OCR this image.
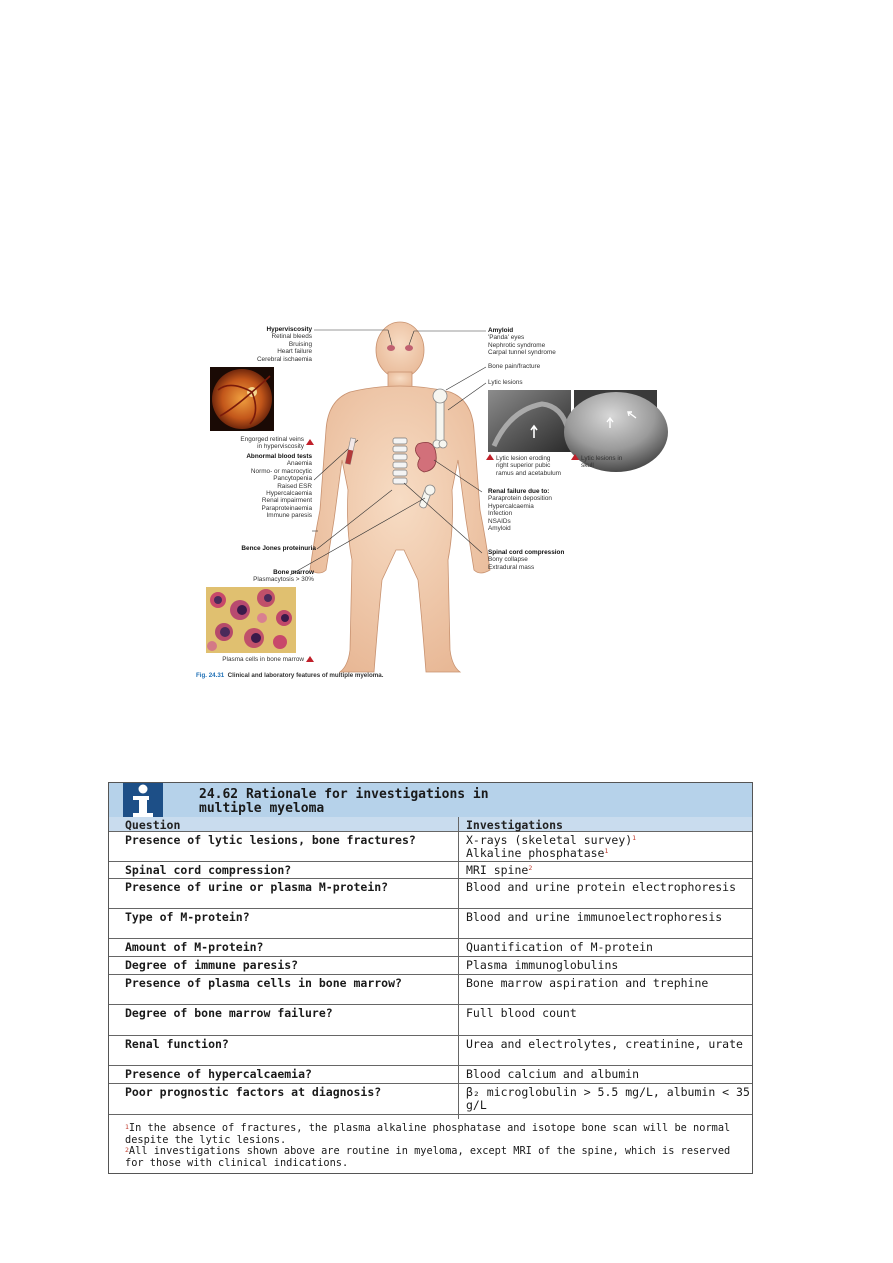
Hyperviscosity
Retinal bleeds
Bruising
Heart failure
Cerebral ischaemia
Engorged retinal veins
in hyperviscosity
Abnormal blood tests
Anaemia
Normo- or macrocytic
Pancytopenia
Raised ESR
Hypercalcaemia
Renal impairment
Paraproteinaemia
Immune paresis
Bence Jones proteinuria
Bone marrow
Plasmacytosis > 30%
Plasma cells in bone marrow
Amyloid
'Panda' eyes
Nephrotic syndrome
Carpal tunnel syndrome
Bone pain/fracture
Lytic lesions
Lytic lesion eroding
right superior pubic
ramus and acetabulum
Lytic lesions in
skull
Renal failure due to:
Paraprotein deposition
Hypercalcaemia
Infection
NSAIDs
Amyloid
Spinal cord compression
Bony collapse
Extradural mass
Fig. 24.31 Clinical and laboratory features of multiple myeloma.
24.62 Rationale for investigations in
multiple myeloma
Question	Investigations
Presence of lytic lesions, bone fractures?	X-rays (skeletal survey)$^1$
Alkaline phosphatase$^1$
Spinal cord compression?	MRI spine$^2$
Presence of urine or plasma M-protein?	Blood and urine protein electrophoresis
Type of M-protein?	Blood and urine immunoelectrophoresis
Amount of M-protein?	Quantification of M-protein
Degree of immune paresis?	Plasma immunoglobulins
Presence of plasma cells in bone marrow?	Bone marrow aspiration and trephine
Degree of bone marrow failure?	Full blood count
Renal function?	Urea and electrolytes, creatinine, urate
Presence of hypercalcaemia?	Blood calcium and albumin
Poor prognostic factors at diagnosis?	β₂ microglobulin > 5.5 mg/L, albumin < 35 g/L
$^1$In the absence of fractures, the plasma alkaline phosphatase and isotope bone scan will be normal despite the lytic lesions.
$^2$All investigations shown above are routine in myeloma, except MRI of the spine, which is reserved for those with clinical indications.
